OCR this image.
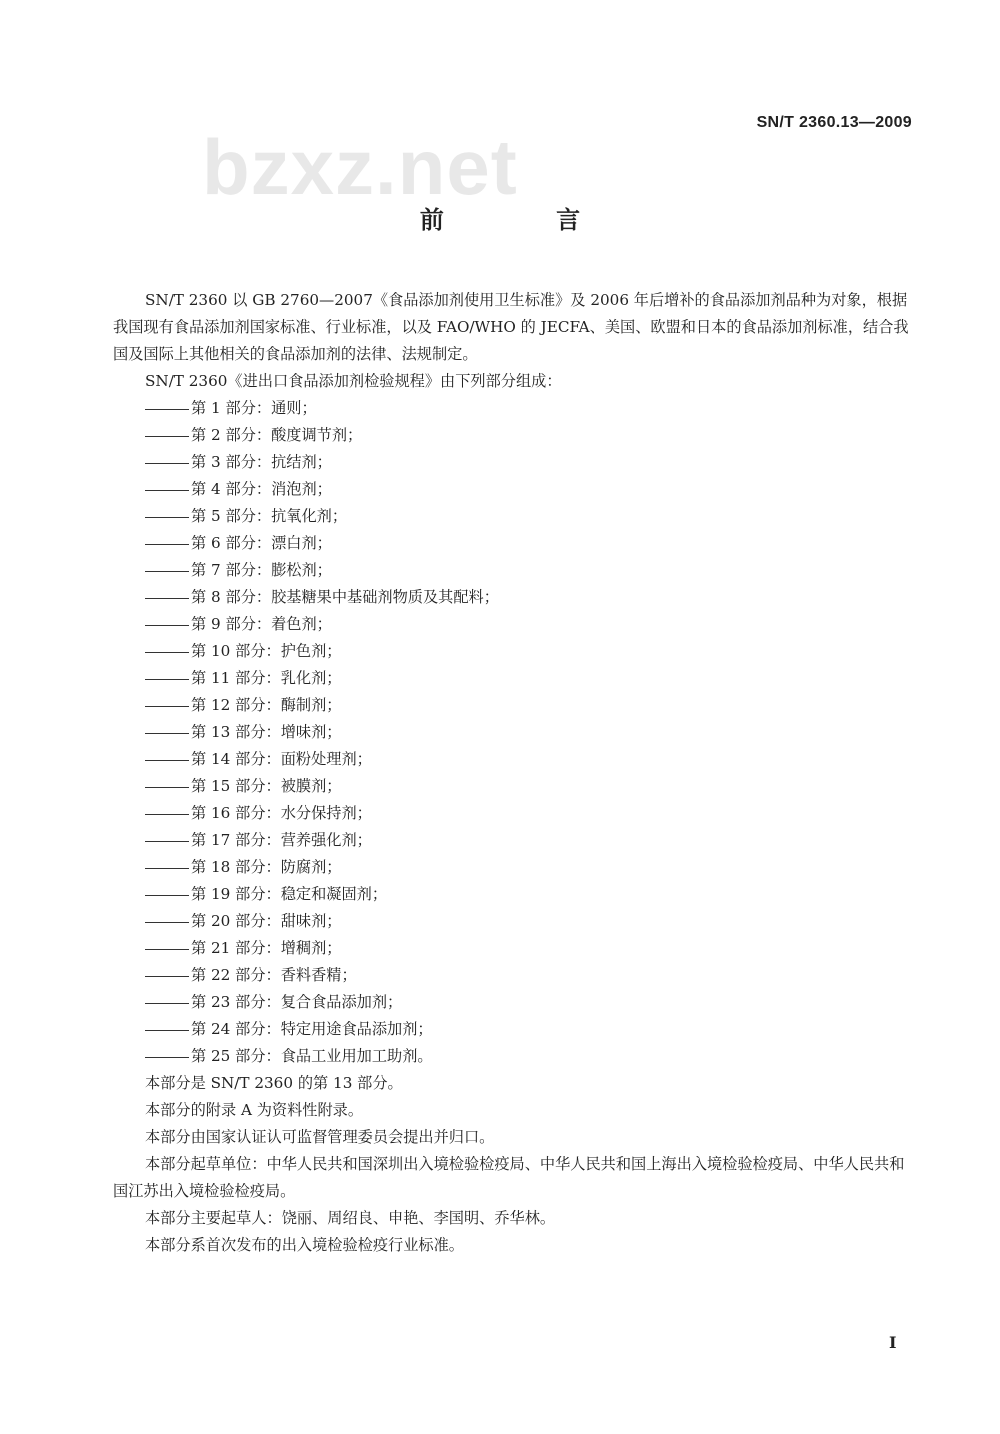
SN/T 2360.13—2009
bzxz.net
前 言

SN/T 2360 以 GB 2760—2007《食品添加剂使用卫生标准》及 2006 年后增补的食品添加剂品种为对象，根据我国现有食品添加剂国家标准、行业标准，以及 FAO/WHO 的 JECFA、美国、欧盟和日本的食品添加剂标准，结合我国及国际上其他相关的食品添加剂的法律、法规制定。

SN/T 2360《进出口食品添加剂检验规程》由下列部分组成：

第 1 部分：通则；

第 2 部分：酸度调节剂；

第 3 部分：抗结剂；

第 4 部分：消泡剂；

第 5 部分：抗氧化剂；

第 6 部分：漂白剂；

第 7 部分：膨松剂；

第 8 部分：胶基糖果中基础剂物质及其配料；

第 9 部分：着色剂；

第 10 部分：护色剂；

第 11 部分：乳化剂；

第 12 部分：酶制剂；

第 13 部分：增味剂；

第 14 部分：面粉处理剂；

第 15 部分：被膜剂；

第 16 部分：水分保持剂；

第 17 部分：营养强化剂；

第 18 部分：防腐剂；

第 19 部分：稳定和凝固剂；

第 20 部分：甜味剂；

第 21 部分：增稠剂；

第 22 部分：香料香精；

第 23 部分：复合食品添加剂；

第 24 部分：特定用途食品添加剂；

第 25 部分：食品工业用加工助剂。

本部分是 SN/T 2360 的第 13 部分。

本部分的附录 A 为资料性附录。

本部分由国家认证认可监督管理委员会提出并归口。

本部分起草单位：中华人民共和国深圳出入境检验检疫局、中华人民共和国上海出入境检验检疫局、中华人民共和国江苏出入境检验检疫局。

本部分主要起草人：饶丽、周绍良、申艳、李国明、乔华林。

本部分系首次发布的出入境检验检疫行业标准。

I
